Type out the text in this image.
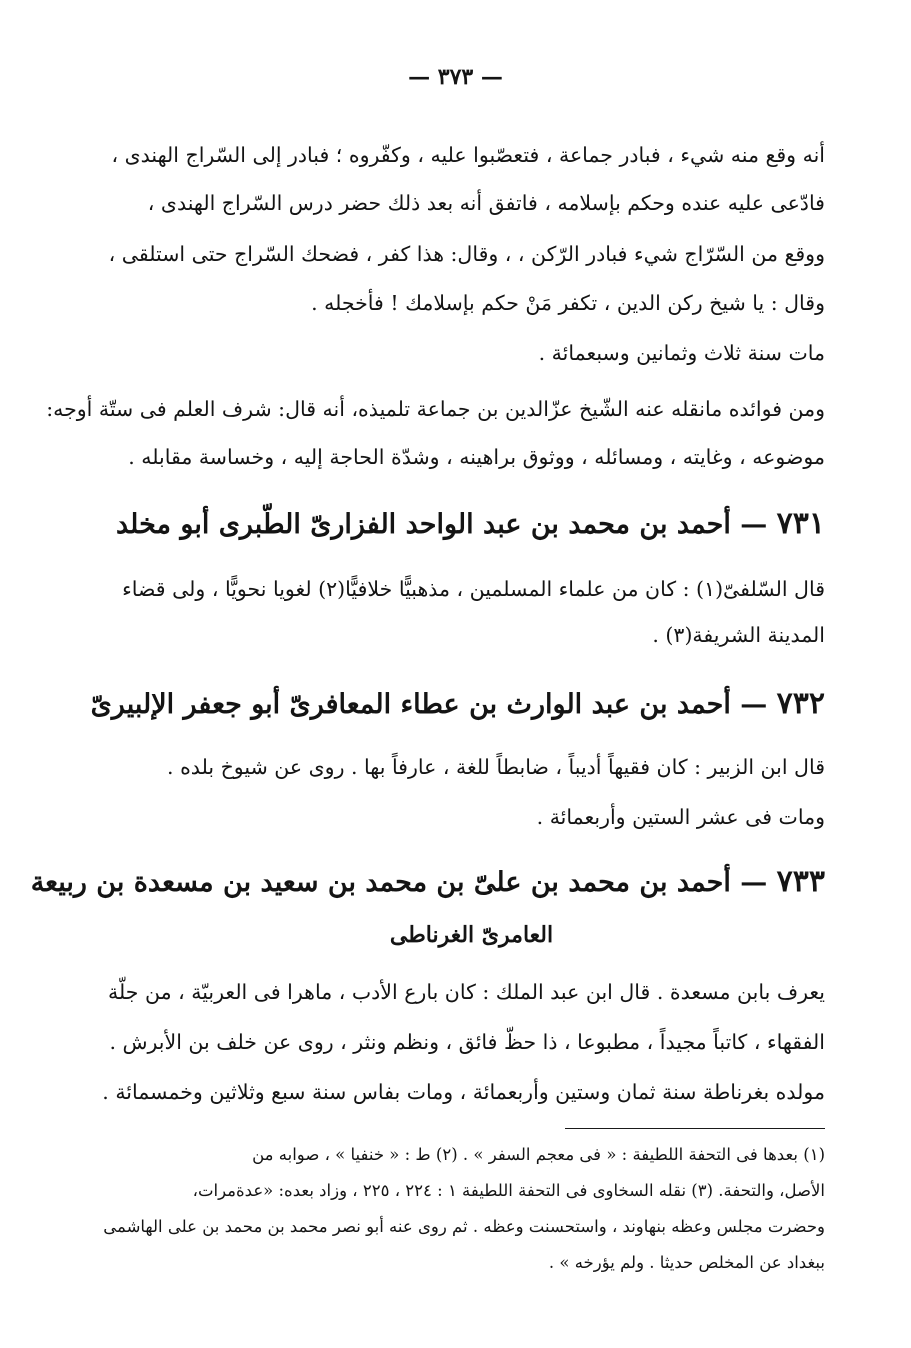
— ٣٧٣ —
أنه وقع منه شيء ، فبادر جماعة ، فتعصّبوا عليه ، وكفّروه ؛ فبادر إلى السّراج الهندى ،
فادّعى عليه عنده وحكم بإسلامه ، فاتفق أنه بعد ذلك حضر درس السّراج الهندى ،
ووقع من السّرّاج شيء فبادر الرّكن ، ، وقال: هذا كفر ، فضحك السّراج حتى استلقى ،
وقال : يا شيخ ركن الدين ، تكفر مَنْ حكم بإسلامك ! فأخجله .
مات سنة ثلاث وثمانين وسبعمائة .
ومن فوائده مانقله عنه الشّيخ عزّالدين بن جماعة تلميذه، أنه قال: شرف العلم فى ستّة أوجه:
موضوعه ، وغايته ، ومسائله ، ووثوق براهينه ، وشدّة الحاجة إليه ، وخساسة مقابله .
٧٣١ — أحمد بن محمد بن عبد الواحد الفزارىّ الطّبرى أبو مخلد
قال السّلفىّ(١) : كان من علماء المسلمين ، مذهبيًّا خلافيًّا(٢) لغويا نحويًّا ، ولى قضاء
المدينة الشريفة(٣) .
٧٣٢ — أحمد بن عبد الوارث بن عطاء المعافرىّ أبو جعفر الإلبيرىّ
قال ابن الزبير : كان فقيهاً أديباً ، ضابطاً للغة ، عارفاً بها . روى عن شيوخ بلده .
ومات فى عشر الستين وأربعمائة .
٧٣٣ — أحمد بن محمد بن علىّ بن محمد بن سعيد بن مسعدة بن ربيعة
العامرىّ الغرناطى
يعرف بابن مسعدة . قال ابن عبد الملك : كان بارع الأدب ، ماهرا فى العربيّة ، من جلّة
الفقهاء ، كاتباً مجيداً ، مطبوعا ، ذا حظّ فائق ، ونظم ونثر ، روى عن خلف بن الأبرش .
مولده بغرناطة سنة ثمان وستين وأربعمائة ، ومات بفاس سنة سبع وثلاثين وخمسمائة .
(١) بعدها فى التحفة اللطيفة : « فى معجم السفر » . (٢) ط : « خنفيا » ، صوابه من
الأصل، والتحفة. (٣) نقله السخاوى فى التحفة اللطيفة ١ : ٢٢٤ ، ٢٢٥ ، وزاد بعده: «عدةمرات،
وحضرت مجلس وعظه بنهاوند ، واستحسنت وعظه . ثم روى عنه أبو نصر محمد بن محمد بن على الهاشمى
ببغداد عن المخلص حديثا . ولم يؤرخه » .
